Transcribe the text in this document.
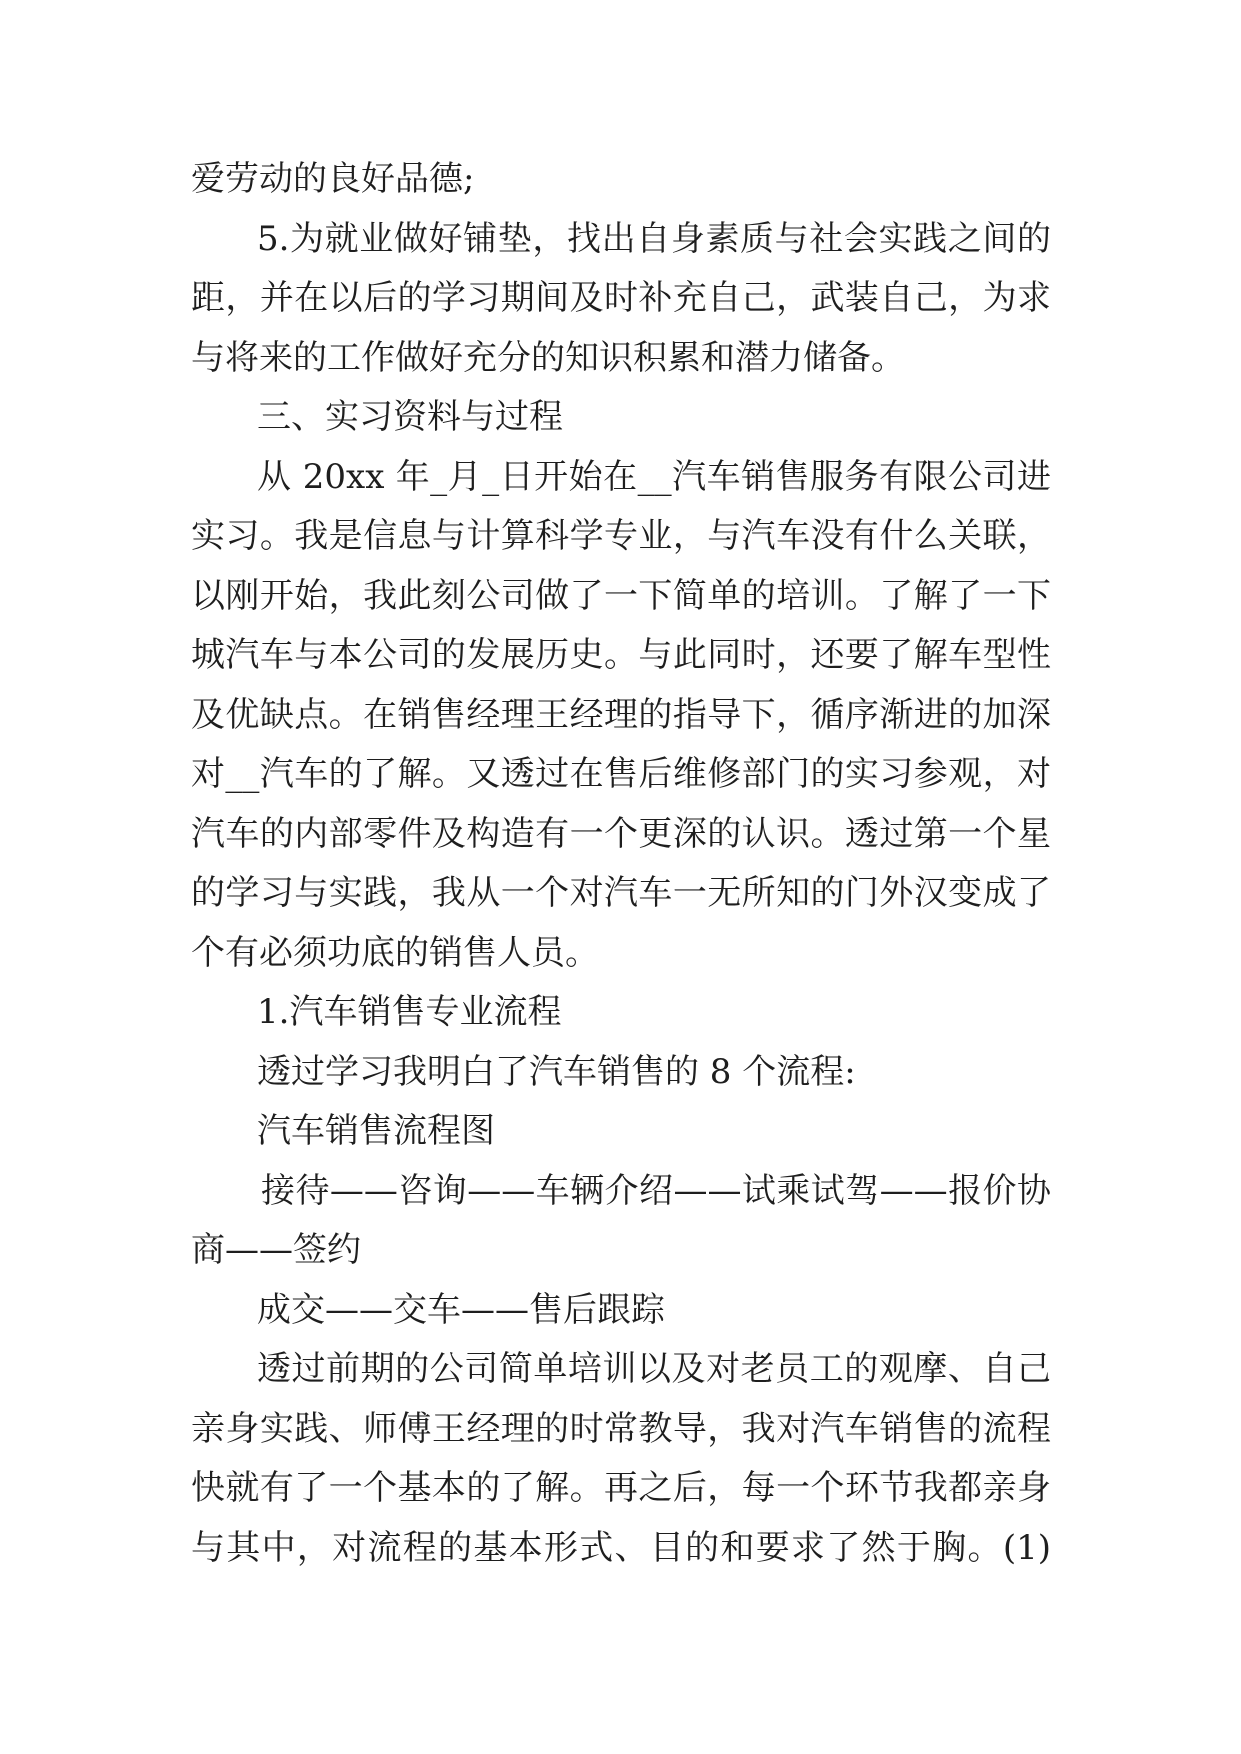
爱劳动的良好品德;
5.为就业做好铺垫，找出自身素质与社会实践之间的
距，并在以后的学习期间及时补充自己，武装自己，为求
与将来的工作做好充分的知识积累和潜力储备。
三、实习资料与过程
从 20xx 年_月_日开始在__汽车销售服务有限公司进
实习。我是信息与计算科学专业，与汽车没有什么关联，
以刚开始，我此刻公司做了一下简单的培训。了解了一下
城汽车与本公司的发展历史。与此同时，还要了解车型性
及优缺点。在销售经理王经理的指导下，循序渐进的加深
对__汽车的了解。又透过在售后维修部门的实习参观，对
汽车的内部零件及构造有一个更深的认识。透过第一个星
的学习与实践，我从一个对汽车一无所知的门外汉变成了
个有必须功底的销售人员。
1.汽车销售专业流程
透过学习我明白了汽车销售的 8 个流程:
汽车销售流程图
接待——咨询——车辆介绍——试乘试驾——报价协
商——签约
成交——交车——售后跟踪
透过前期的公司简单培训以及对老员工的观摩、自己
亲身实践、师傅王经理的时常教导，我对汽车销售的流程
快就有了一个基本的了解。再之后，每一个环节我都亲身
与其中，对流程的基本形式、目的和要求了然于胸。(1)
